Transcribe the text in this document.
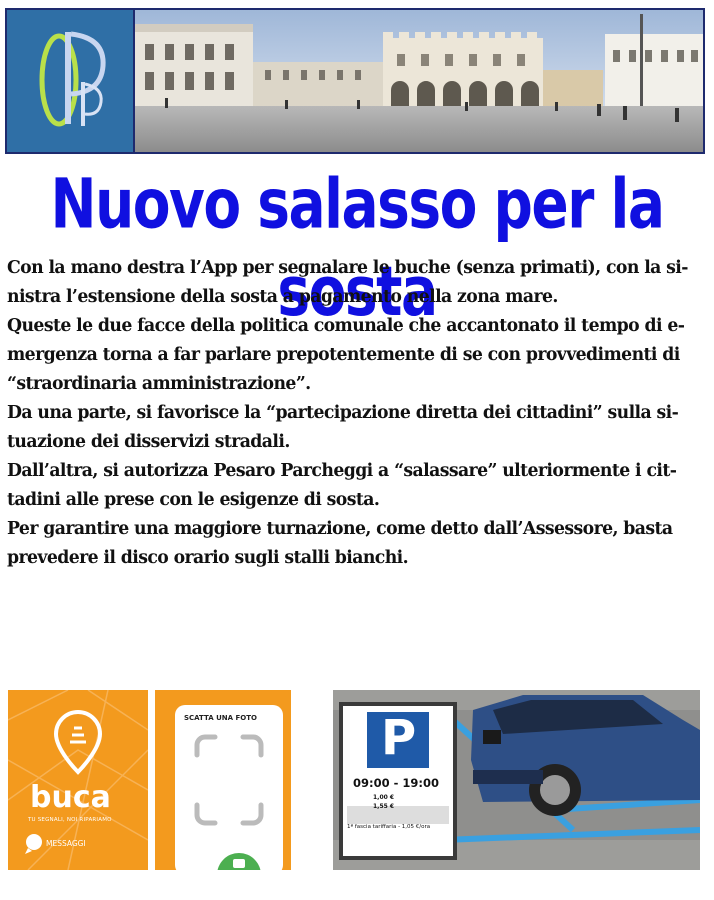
Nuovo salasso per la sosta

Con la mano destra l’App per segnalare le buche (senza primati), con la si-
nistra l’estensione della sosta a pagamento nella zona mare.

Queste le due facce della politica comunale che accantonato il tempo di e-
mergenza torna a far parlare prepotentemente di se con provvedimenti di
“straordinaria amministrazione”.

Da una parte, si favorisce la “partecipazione diretta dei cittadini” sulla si-
tuazione dei disservizi stradali.

Dall’altra, si autorizza Pesaro Parcheggi a “salassare” ulteriormente i cit-
tadini alle prese con le esigenze di sosta.

Per garantire una maggiore turnazione, come detto dall’Assessore, basta
prevedere il disco orario sugli stalli bianchi.

buca
TU SEGNALI, NOI RIPARIAMO
MESSAGGI
SCATTA UNA FOTO	P
09:00 - 19:00
1,00 €
1,55 €
1ª fascia tariffaria - 1,05 €/ora
